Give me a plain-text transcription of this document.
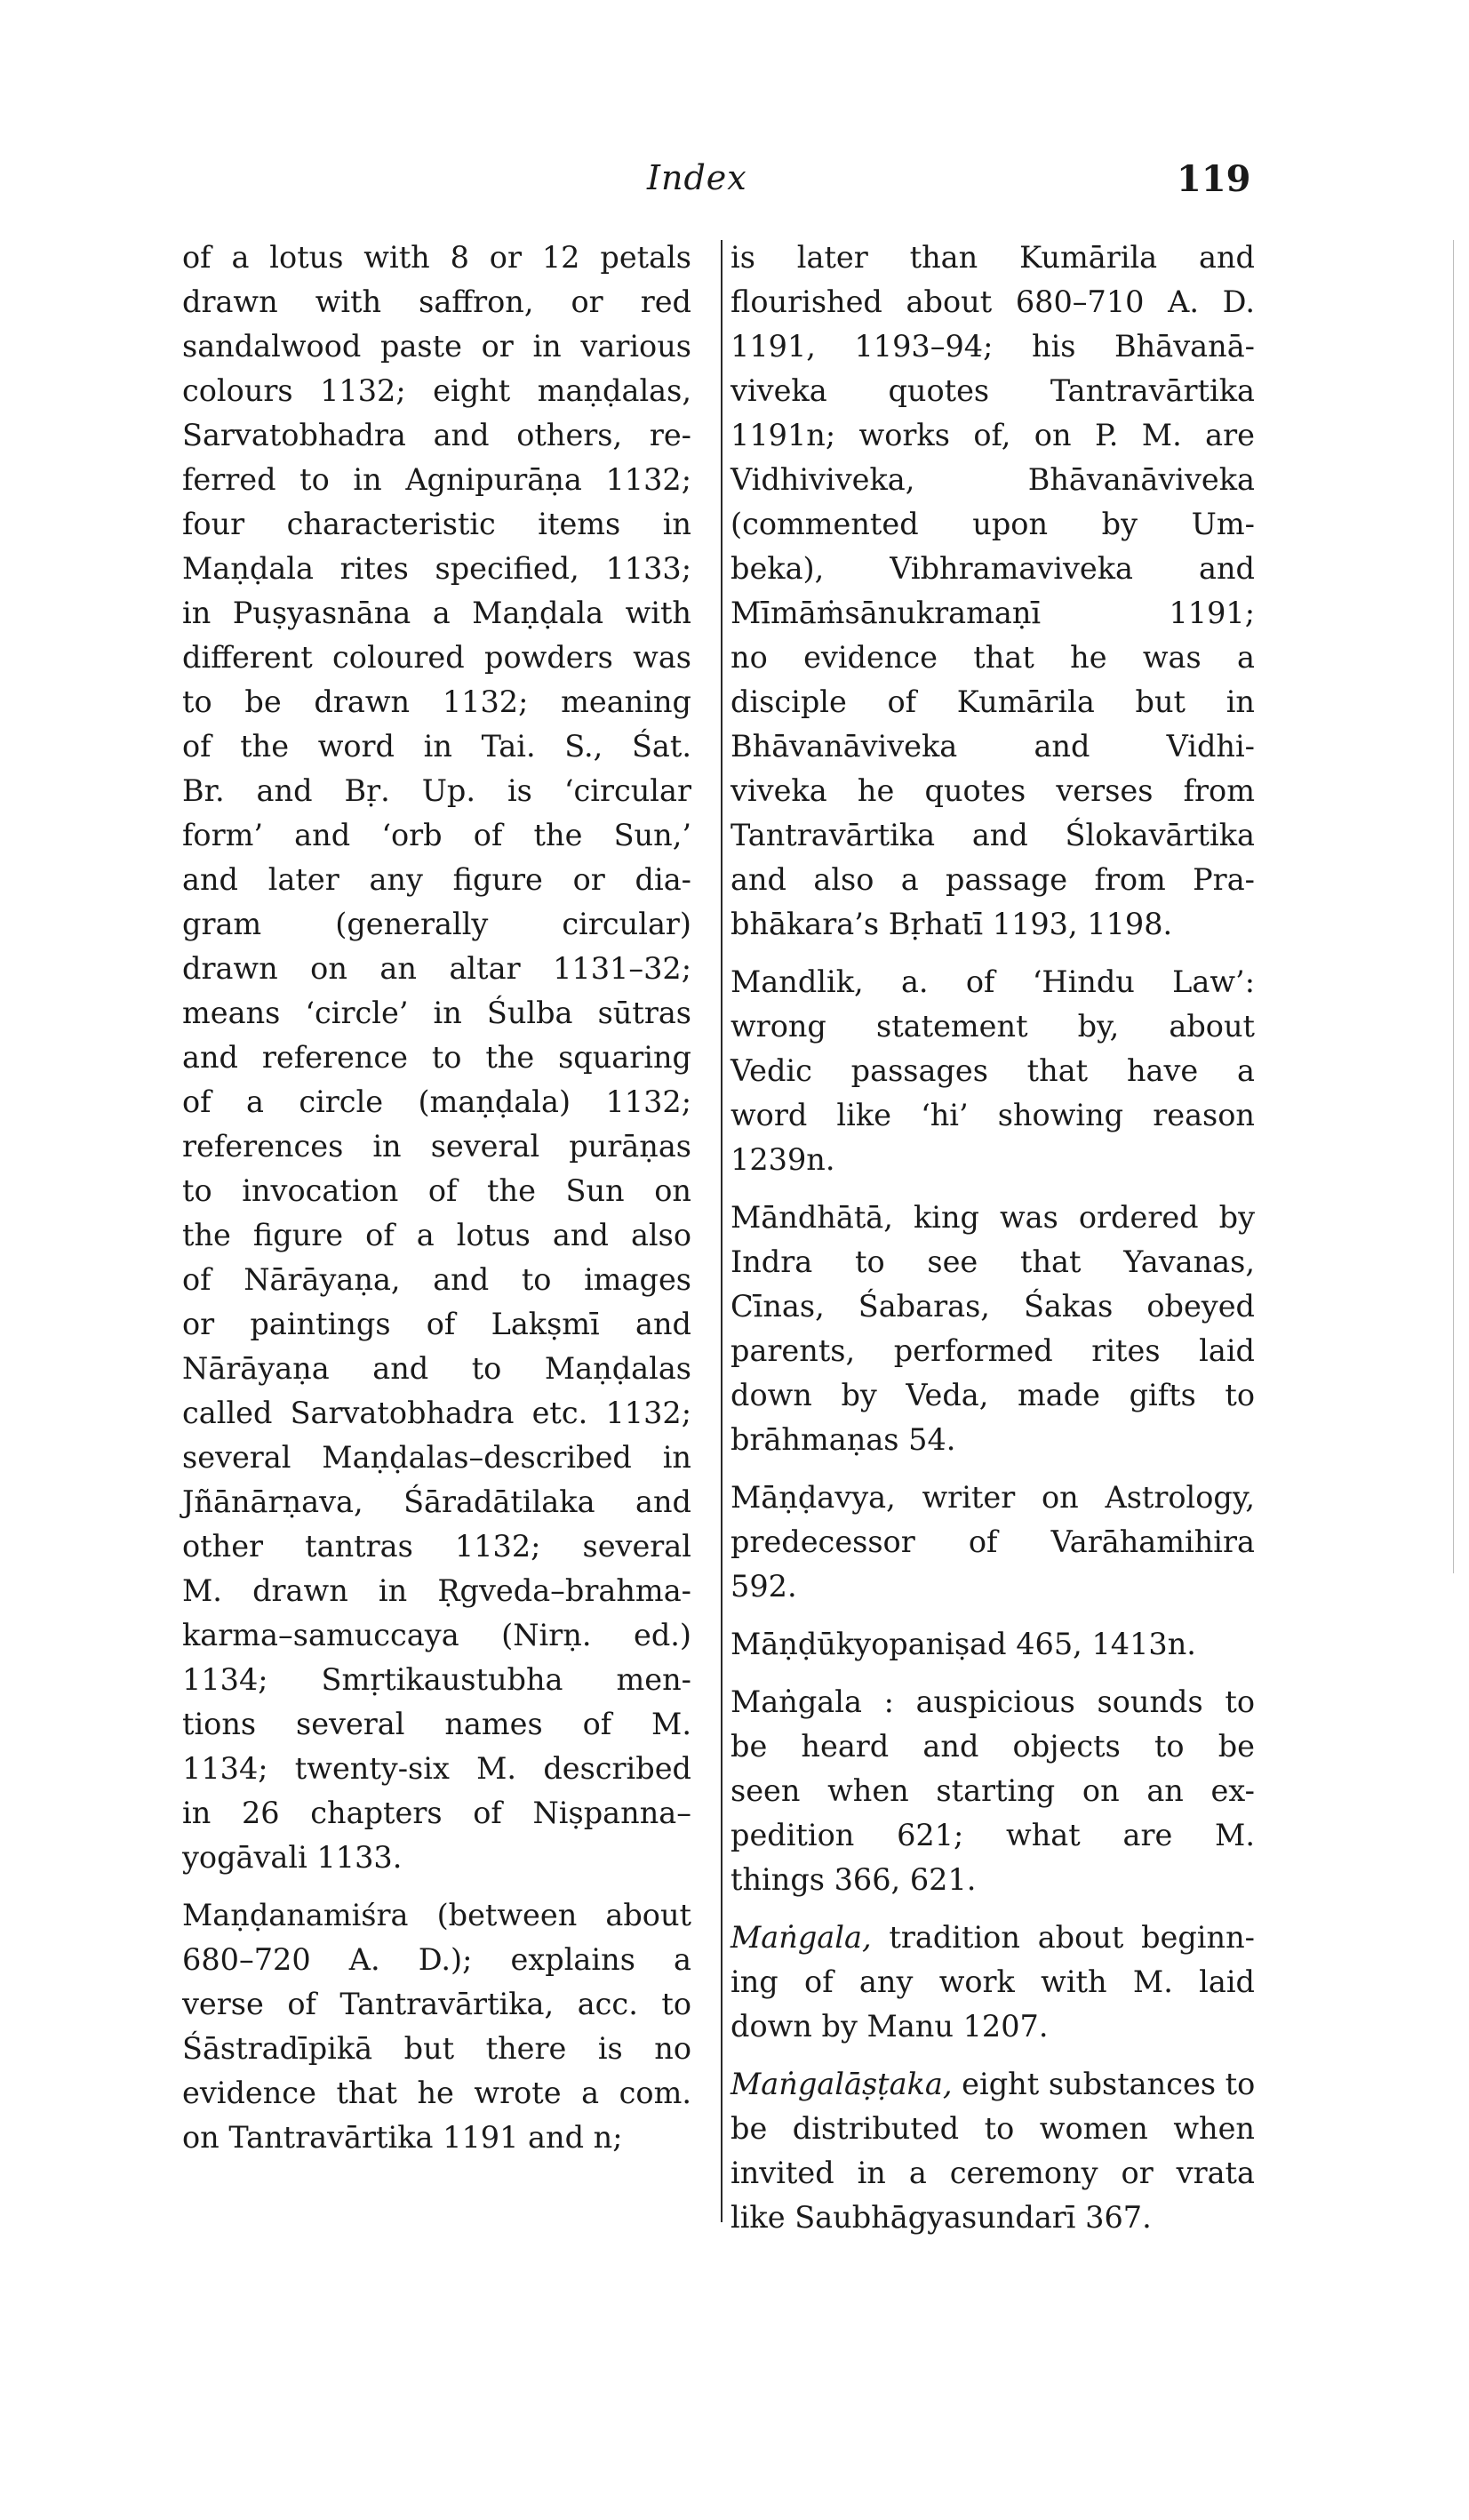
Index	119
of a lotus with 8 or 12 petals
drawn with saffron, or red
sandalwood paste or in various
colours 1132; eight maṇḍalas,
Sarvatobhadra and others, re-
ferred to in Agnipurāṇa 1132;
four characteristic items in
Maṇḍala rites specified, 1133;
in Puṣyasnāna a Maṇḍala with
different coloured powders was
to be drawn 1132; meaning
of the word in Tai. S., Śat.
Br. and Bṛ. Up. is ‘circular
form’ and ‘orb of the Sun,’
and later any figure or dia-
gram (generally circular)
drawn on an altar 1131–32;
means ‘circle’ in Śulba sūtras
and reference to the squaring
of a circle (maṇḍala) 1132;
references in several purāṇas
to invocation of the Sun on
the figure of a lotus and also
of Nārāyaṇa, and to images
or paintings of Lakṣmī and
Nārāyaṇa and to Maṇḍalas
called Sarvatobhadra etc. 1132;
several Maṇḍalas–described in
Jñānārṇava, Śāradātilaka and
other tantras 1132; several
M. drawn in Ṛgveda–brahma-
karma–samuccaya (Nirṇ. ed.)
1134; Smṛtikaustubha men-
tions several names of M.
1134; twenty-six M. described
in 26 chapters of Niṣpanna–
yogāvali 1133.
Maṇḍanamiśra (between about
680–720 A. D.); explains a
verse of Tantravārtika, acc. to
Śāstradīpikā but there is no
evidence that he wrote a com.
on Tantravārtika 1191 and n;
is later than Kumārila and
flourished about 680–710 A. D.
1191, 1193–94; his Bhāvanā-
viveka quotes Tantravārtika
1191n; works of, on P. M. are
Vidhiviveka, Bhāvanāviveka
(commented upon by Um-
beka), Vibhramaviveka and
Mīmāṁsānukramaṇī 1191;
no evidence that he was a
disciple of Kumārila but in
Bhāvanāviveka and Vidhi-
viveka he quotes verses from
Tantravārtika and Ślokavārtika
and also a passage from Pra-
bhākara’s Bṛhatī 1193, 1198.
Mandlik, a. of ‘Hindu Law’:
wrong statement by, about
Vedic passages that have a
word like ‘hi’ showing reason
1239n.
Māndhātā, king was ordered by
Indra to see that Yavanas,
Cīnas, Śabaras, Śakas obeyed
parents, performed rites laid
down by Veda, made gifts to
brāhmaṇas 54.
Māṇḍavya, writer on Astrology,
predecessor of Varāhamihira
592.
Māṇḍūkyopaniṣad 465, 1413n.
Maṅgala : auspicious sounds to
be heard and objects to be
seen when starting on an ex-
pedition 621; what are M.
things 366, 621.
Maṅgala, tradition about beginn-
ing of any work with M. laid
down by Manu 1207.
Maṅgalāṣṭaka, eight substances to
be distributed to women when
invited in a ceremony or vrata
like Saubhāgyasundarī 367.
